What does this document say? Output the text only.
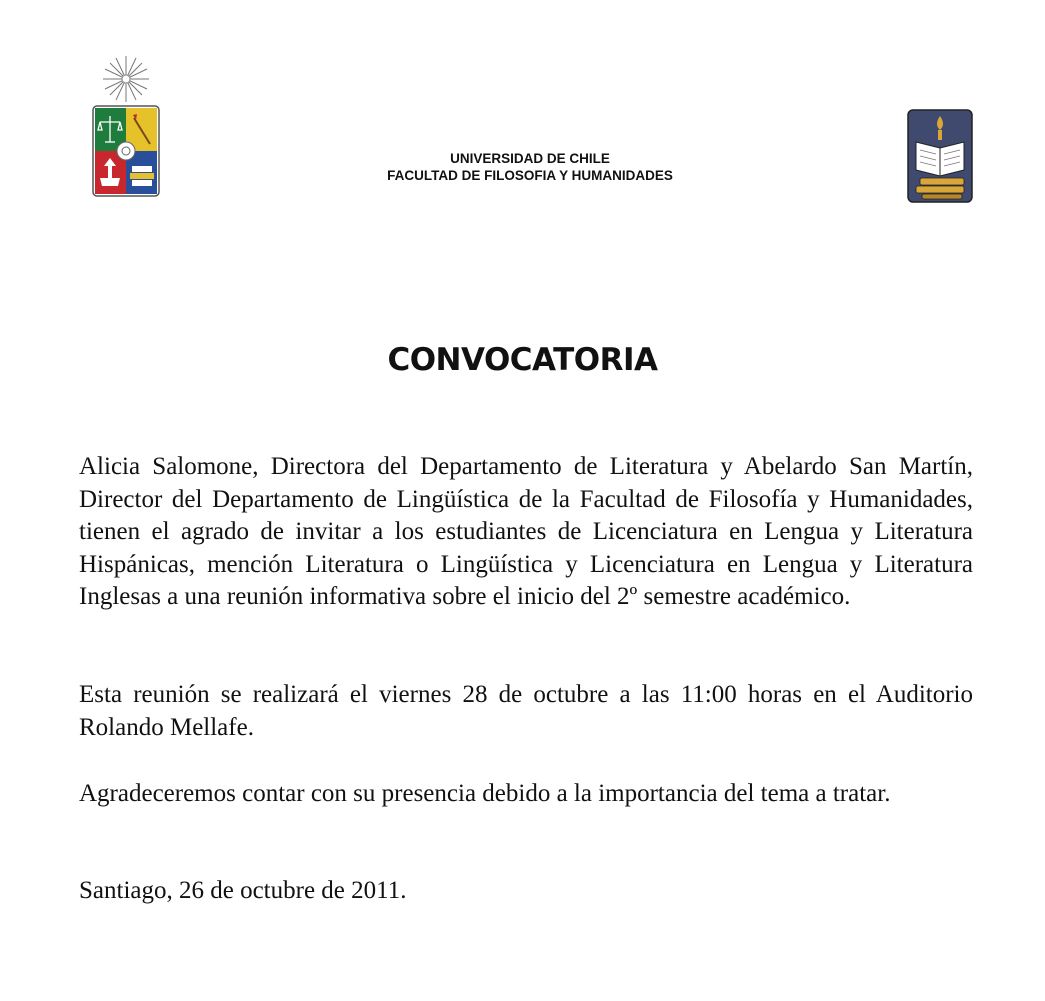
UNIVERSIDAD DE CHILE
FACULTAD DE FILOSOFIA Y HUMANIDADES
CONVOCATORIA

Alicia Salomone, Directora del Departamento de Literatura y Abelardo San Martín, Director del Departamento de Lingüística de la Facultad de Filosofía y Humanidades, tienen el agrado de invitar a los estudiantes de Licenciatura en Lengua y Literatura Hispánicas, mención Literatura o Lingüística y Licenciatura en Lengua y Literatura Inglesas a una reunión informativa sobre el inicio del 2º semestre académico.

Esta reunión se realizará el viernes 28 de octubre a las 11:00 horas en el Auditorio Rolando Mellafe.

Agradeceremos contar con su presencia debido a la importancia del tema a tratar.

Santiago, 26 de octubre de 2011.
